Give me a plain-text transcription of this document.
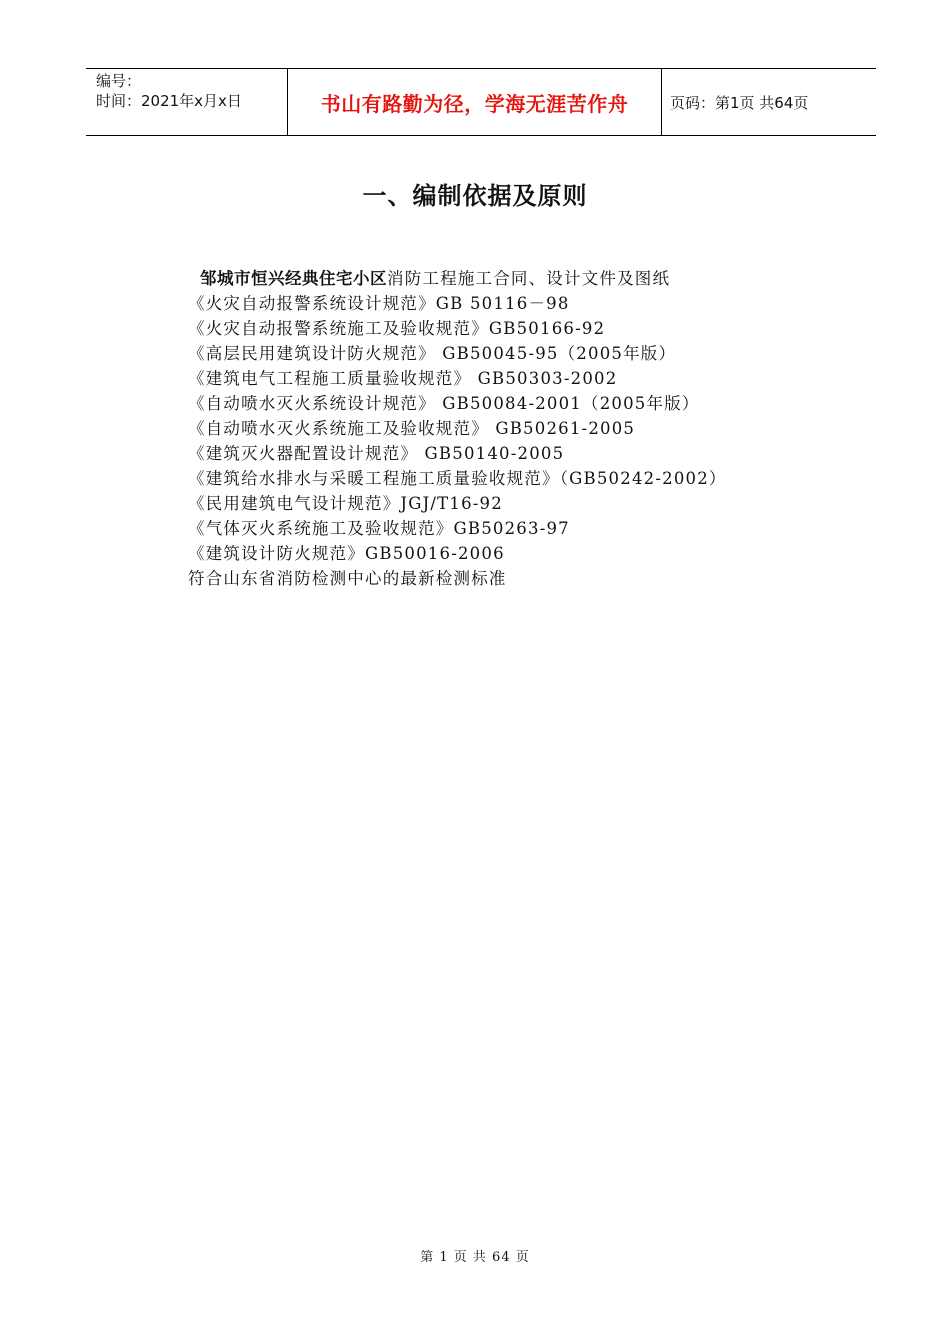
编号：
时间：2021年x月x日	书山有路勤为径，学海无涯苦作舟	页码：第1页 共64页
一、编制依据及原则
邹城市恒兴经典住宅小区消防工程施工合同、设计文件及图纸
《火灾自动报警系统设计规范》GB 50116－98
《火灾自动报警系统施工及验收规范》GB50166-92
《高层民用建筑设计防火规范》 GB50045-95（2005年版）
《建筑电气工程施工质量验收规范》 GB50303-2002
《自动喷水灭火系统设计规范》 GB50084-2001（2005年版）
《自动喷水灭火系统施工及验收规范》 GB50261-2005
《建筑灭火器配置设计规范》 GB50140-2005
《建筑给水排水与采暖工程施工质量验收规范》（GB50242-2002）
《民用建筑电气设计规范》JGJ/T16-92
《气体灭火系统施工及验收规范》GB50263-97
《建筑设计防火规范》GB50016-2006
符合山东省消防检测中心的最新检测标准
第 1 页 共 64 页
